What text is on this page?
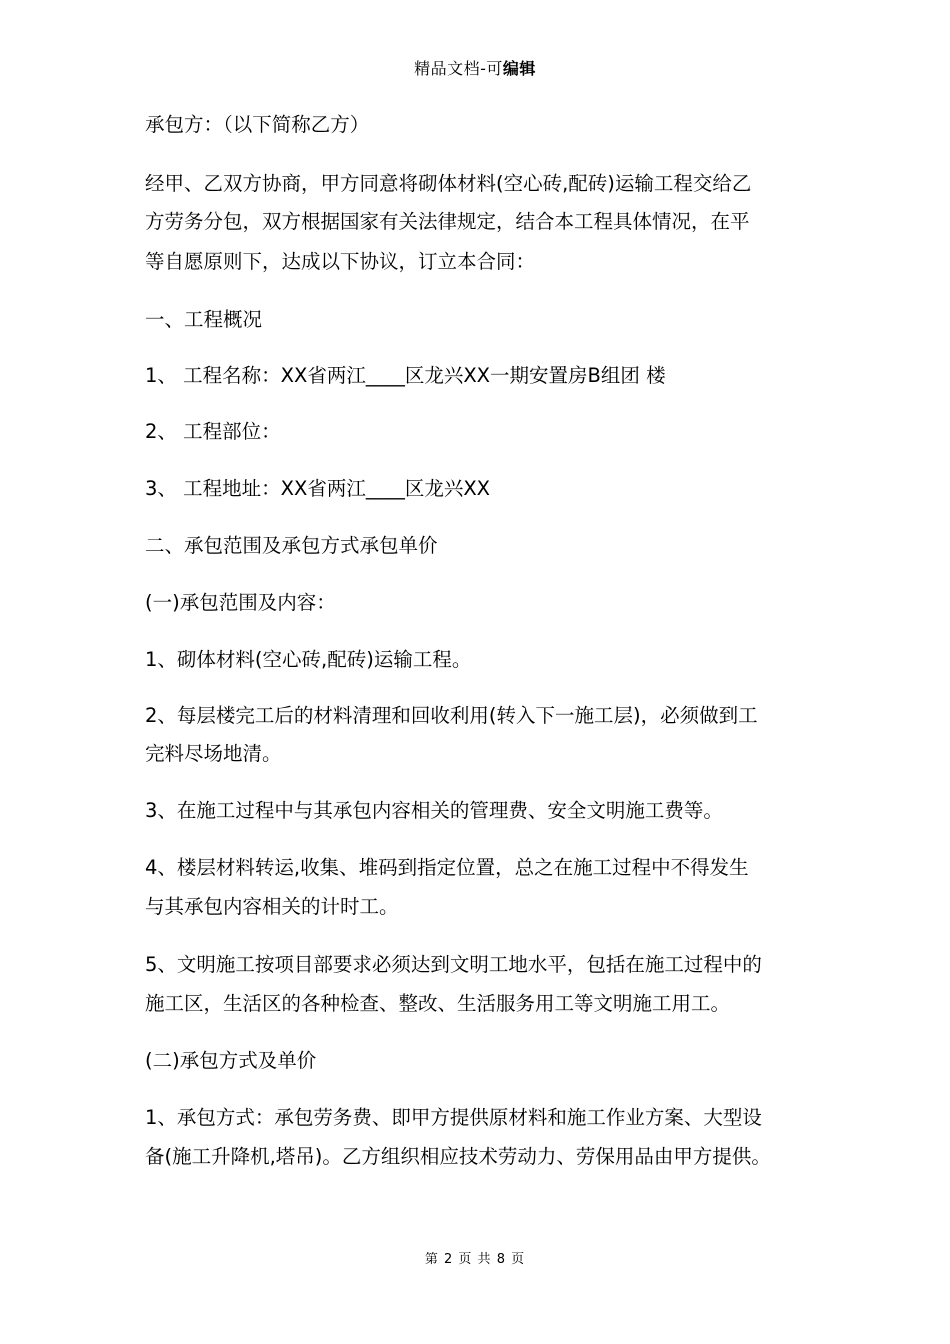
精品文档-可编辑
承包方：（以下简称乙方）
经甲、乙双方协商，甲方同意将砌体材料(空心砖,配砖)运输工程交给乙
方劳务分包，双方根据国家有关法律规定，结合本工程具体情况，在平
等自愿原则下，达成以下协议，订立本合同：
一、工程概况
1、 工程名称：XX省两江____区龙兴XX一期安置房B组团 楼
2、 工程部位：
3、 工程地址：XX省两江____区龙兴XX
二、承包范围及承包方式承包单价
(一)承包范围及内容：
1、砌体材料(空心砖,配砖)运输工程。
2、每层楼完工后的材料清理和回收利用(转入下一施工层)，必须做到工
完料尽场地清。
3、在施工过程中与其承包内容相关的管理费、安全文明施工费等。
4、楼层材料转运,收集、堆码到指定位置，总之在施工过程中不得发生
与其承包内容相关的计时工。
5、文明施工按项目部要求必须达到文明工地水平，包括在施工过程中的
施工区，生活区的各种检查、整改、生活服务用工等文明施工用工。
(二)承包方式及单价
1、承包方式：承包劳务费、即甲方提供原材料和施工作业方案、大型设
备(施工升降机,塔吊)。乙方组织相应技术劳动力、劳保用品由甲方提供。
第 2 页 共 8 页
